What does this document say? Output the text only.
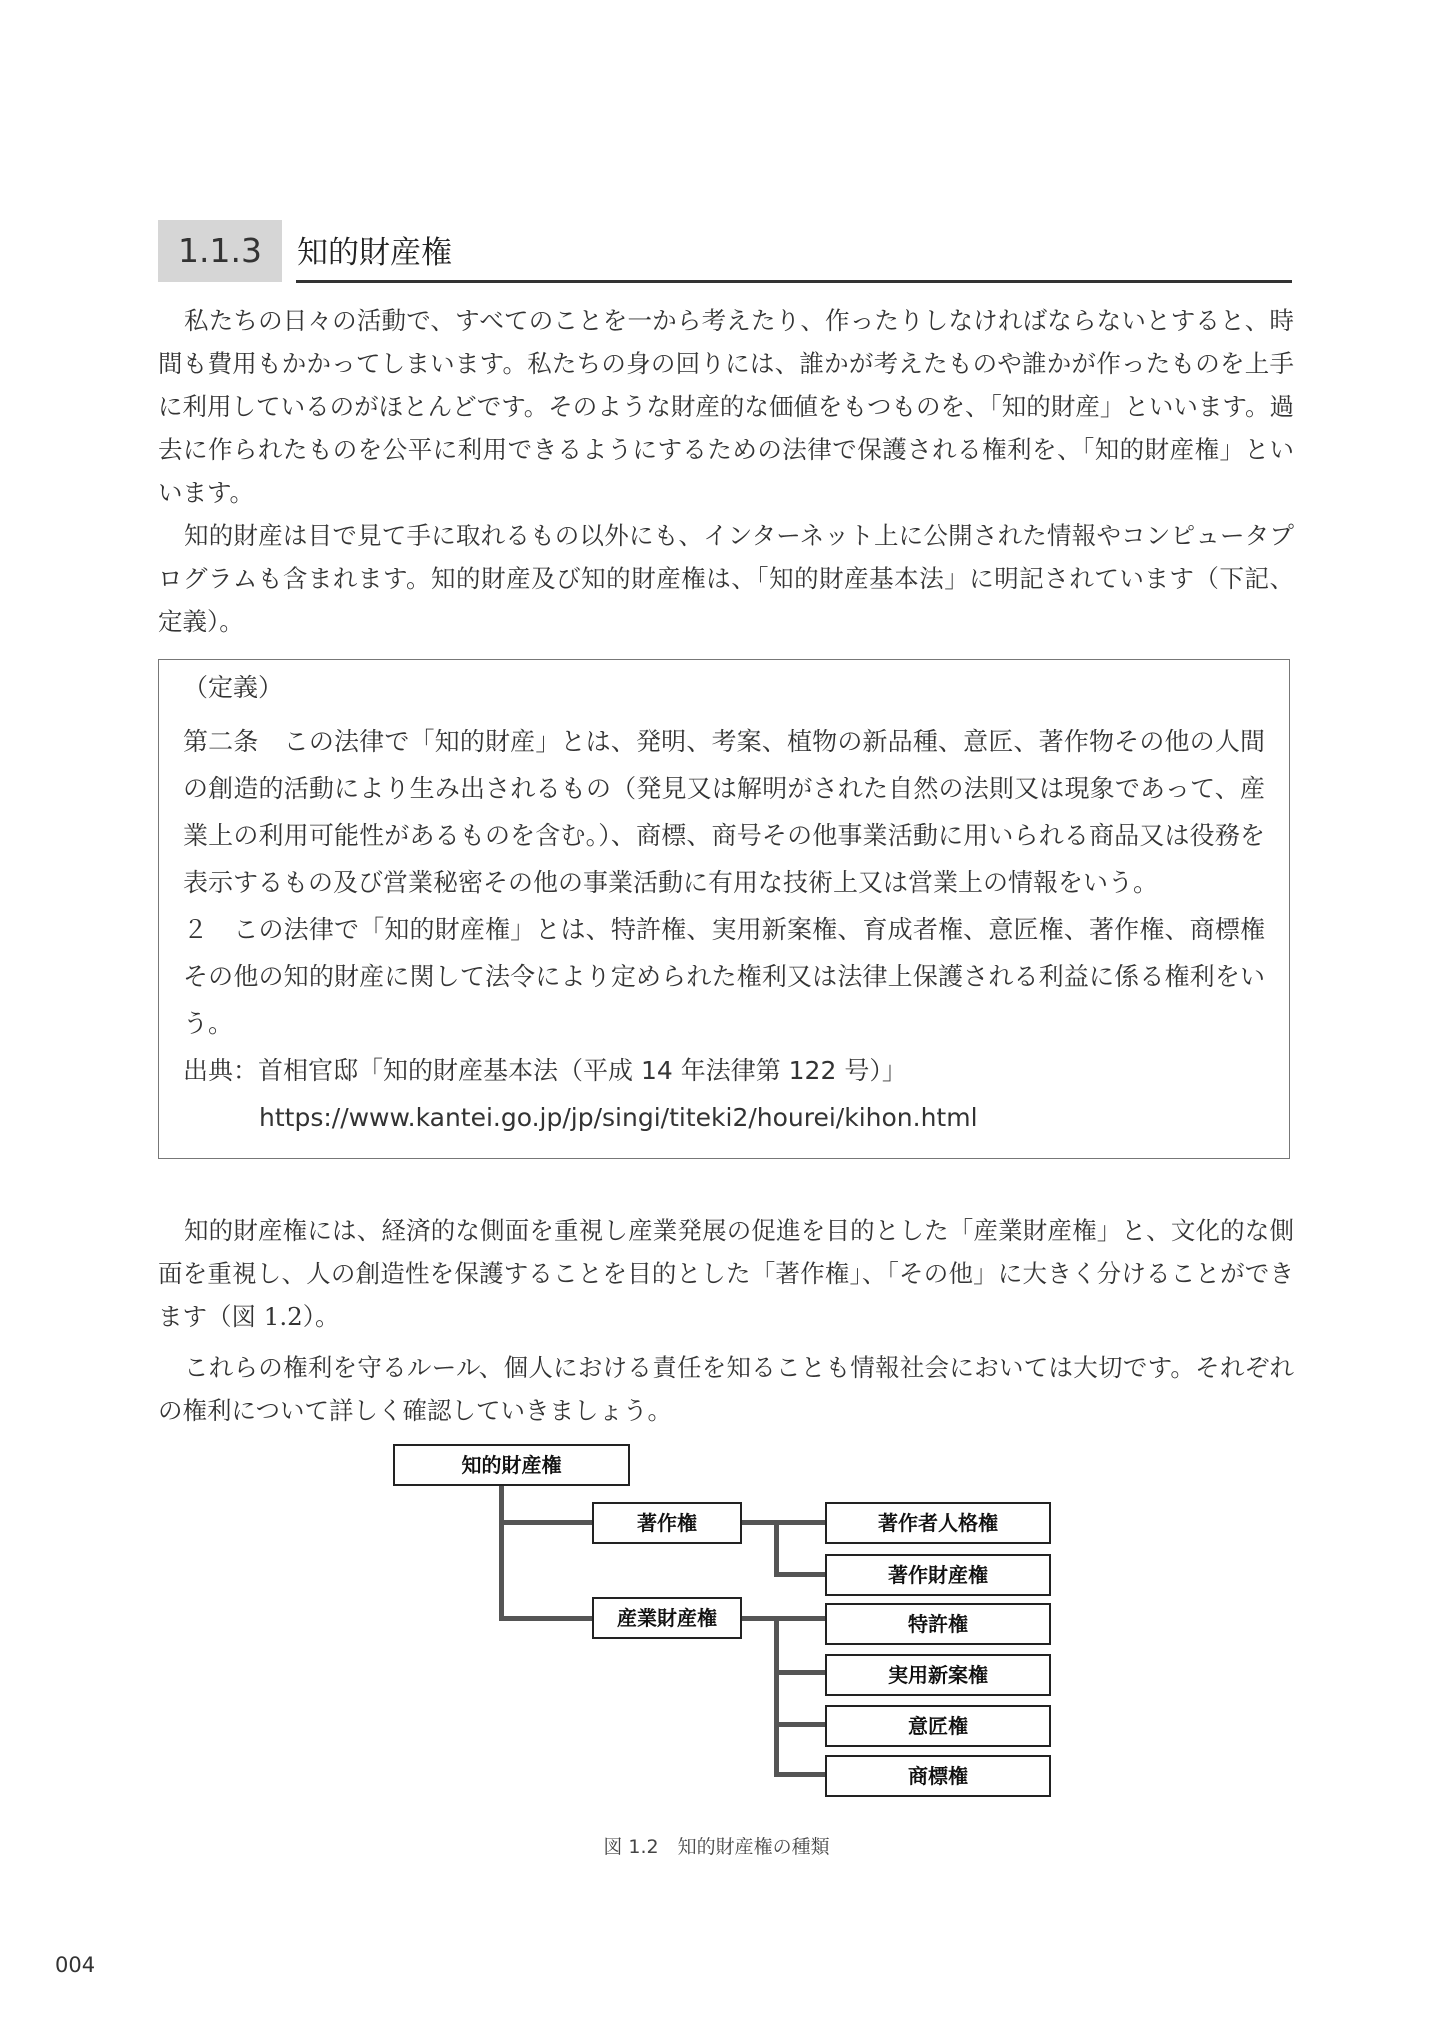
1.1.3	知的財産権

私たちの日々の活動で、すべてのことを一から考えたり、作ったりしなければならないとすると、時間も費用もかかってしまいます。私たちの身の回りには、誰かが考えたものや誰かが作ったものを上手に利用しているのがほとんどです。そのような財産的な価値をもつものを、「知的財産」といいます。過去に作られたものを公平に利用できるようにするための法律で保護される権利を、「知的財産権」といいます。

知的財産は目で見て手に取れるもの以外にも、インターネット上に公開された情報やコンピュータプログラムも含まれます。知的財産及び知的財産権は、「知的財産基本法」に明記されています（下記、定義）。

（定義）

第二条　この法律で「知的財産」とは、発明、考案、植物の新品種、意匠、著作物その他の人間の創造的活動により生み出されるもの（発見又は解明がされた自然の法則又は現象であって、産業上の利用可能性があるものを含む。）、商標、商号その他事業活動に用いられる商品又は役務を表示するもの及び営業秘密その他の事業活動に有用な技術上又は営業上の情報をいう。

２　この法律で「知的財産権」とは、特許権、実用新案権、育成者権、意匠権、著作権、商標権その他の知的財産に関して法令により定められた権利又は法律上保護される利益に係る権利をいう。

出典：首相官邸「知的財産基本法（平成 14 年法律第 122 号）」
https://www.kantei.go.jp/jp/singi/titeki2/hourei/kihon.html

知的財産権には、経済的な側面を重視し産業発展の促進を目的とした「産業財産権」と、文化的な側面を重視し、人の創造性を保護することを目的とした「著作権」、「その他」に大きく分けることができます（図 1.2）。

これらの権利を守るルール、個人における責任を知ることも情報社会においては大切です。それぞれの権利について詳しく確認していきましょう。

知的財産権
著作権
産業財産権
著作者人格権
著作財産権
特許権
実用新案権
意匠権
商標権
図 1.2　知的財産権の種類
004
